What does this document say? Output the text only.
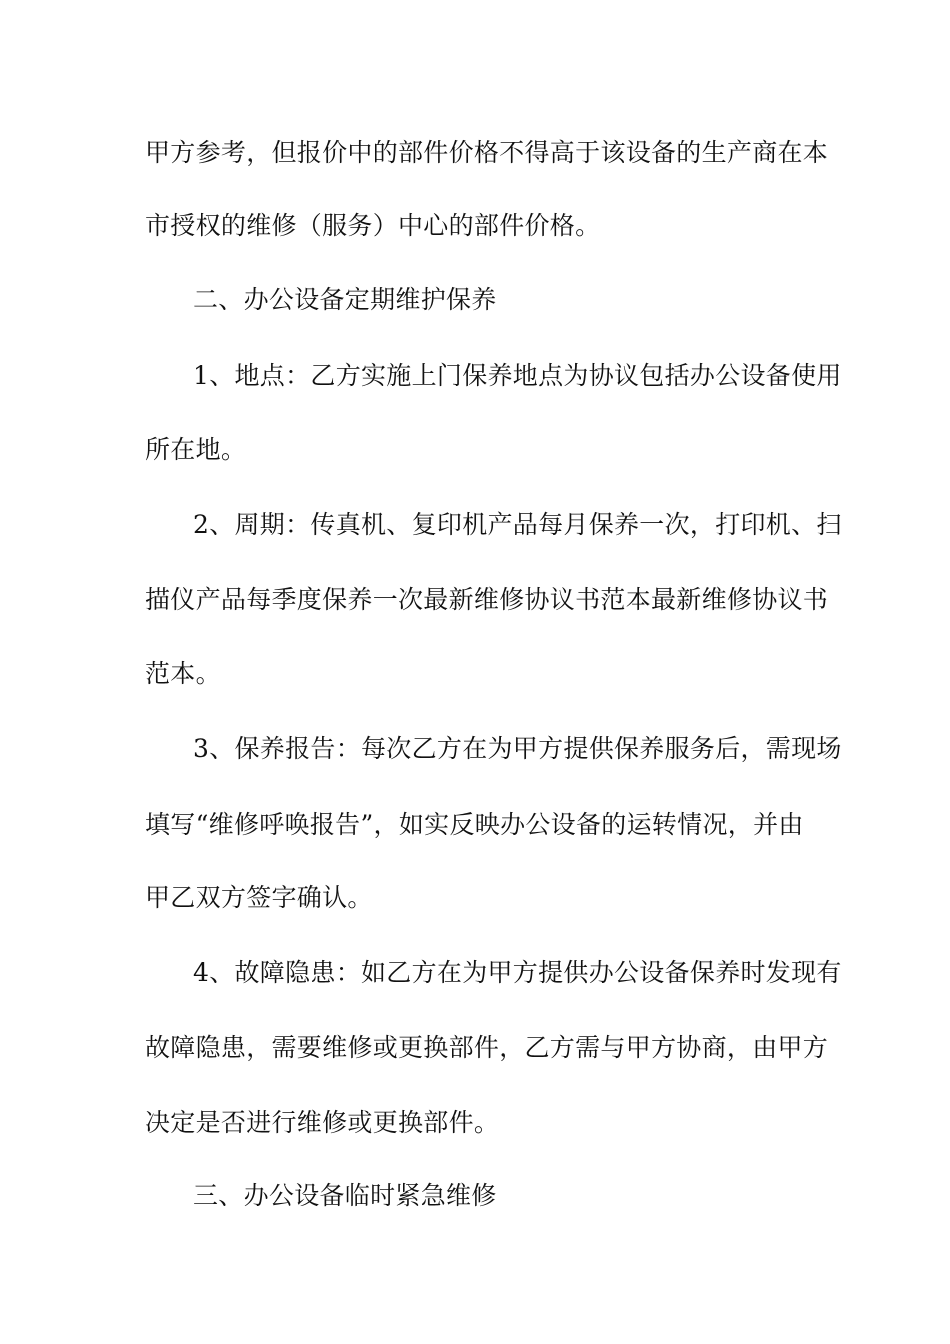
甲方参考，但报价中的部件价格不得高于该设备的生产商在本
市授权的维修（服务）中心的部件价格。
二、办公设备定期维护保养
1、地点：乙方实施上门保养地点为协议包括办公设备使用
所在地。
2、周期：传真机、复印机产品每月保养一次，打印机、扫
描仪产品每季度保养一次最新维修协议书范本最新维修协议书
范本。
3、保养报告：每次乙方在为甲方提供保养服务后，需现场
填写“维修呼唤报告”，如实反映办公设备的运转情况，并由
甲乙双方签字确认。
4、故障隐患：如乙方在为甲方提供办公设备保养时发现有
故障隐患，需要维修或更换部件，乙方需与甲方协商，由甲方
决定是否进行维修或更换部件。
三、办公设备临时紧急维修
